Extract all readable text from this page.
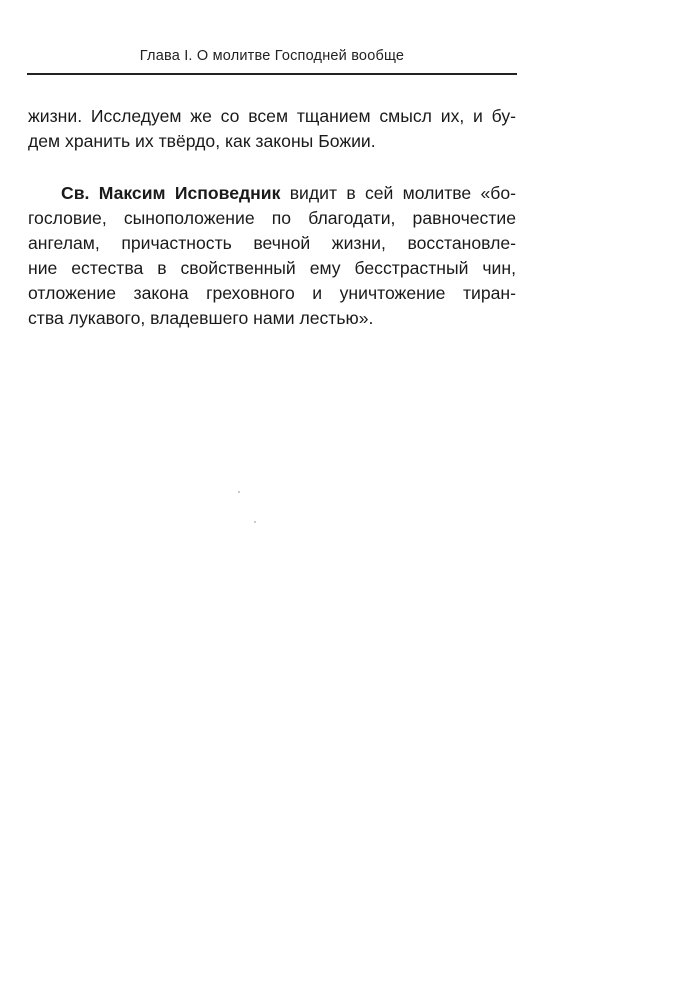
Глава I. О молитве Господней вообще
жизни. Исследуем же со всем тщанием смысл их, и бу-
дем хранить их твёрдо, как законы Божии.
Св. Максим Исповедник видит в сей молитве «бо-
гословие, сыноположение по благодати, равночестие
ангелам, причастность вечной жизни, восстановле-
ние естества в свойственный ему бесстрастный чин,
отложение закона греховного и уничтожение тиран-
ства лукавого, владевшего нами лестью».
